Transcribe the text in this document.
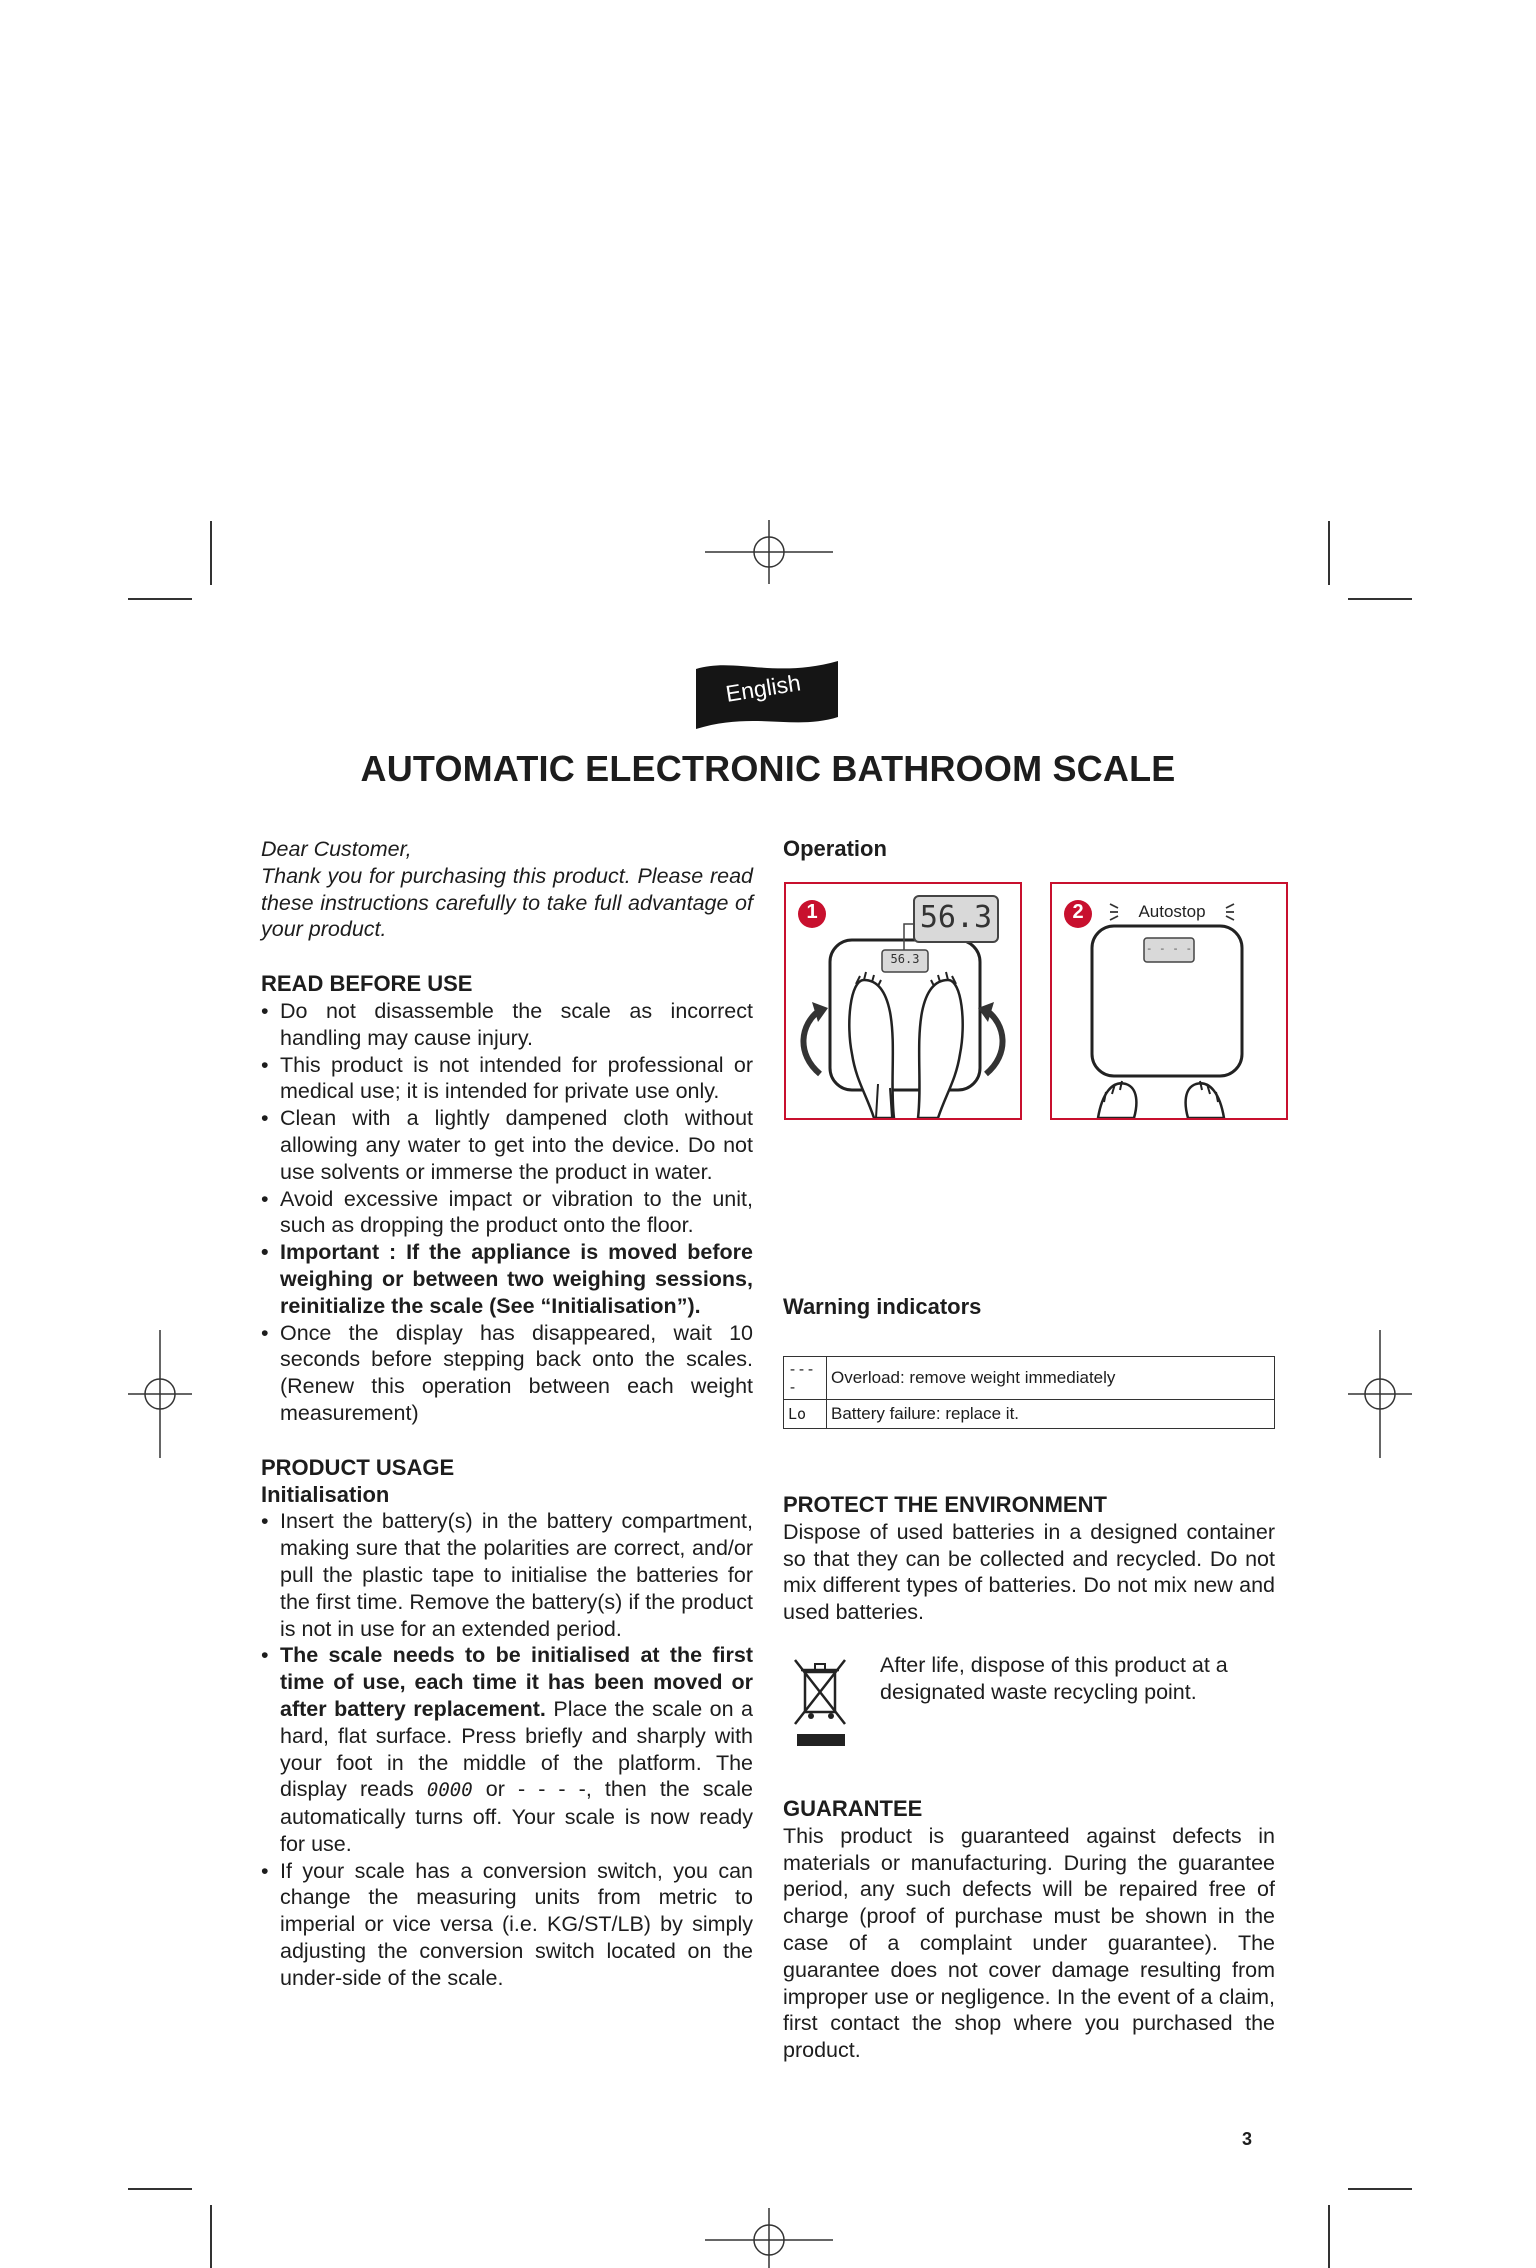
English
AUTOMATIC ELECTRONIC BATHROOM SCALE

Dear Customer,

Thank you for purchasing this product. Please read these instructions carefully to take full advantage of your product.

READ BEFORE USE
• Do not disassemble the scale as incorrect handling may cause injury.
• This product is not intended for professional or medical use; it is intended for private use only.
• Clean with a lightly dampened cloth without allowing any water to get into the device. Do not use solvents or immerse the product in water.
• Avoid excessive impact or vibration to the unit, such as dropping the product onto the floor.
• Important : If the appliance is moved before weighing or between two weighing sessions, reinitialize the scale (See “Initialisation”).
• Once the display has disappeared, wait 10 seconds before stepping back onto the scales. (Renew this operation between each weight measurement)
PRODUCT USAGE
Initialisation
• Insert the battery(s) in the battery compartment, making sure that the polarities are correct, and/or pull the plastic tape to initialise the batteries for the first time. Remove the battery(s) if the product is not in use for an extended period.
• The scale needs to be initialised at the first time of use, each time it has been moved or after battery replacement. Place the scale on a hard, flat surface. Press briefly and sharply with your foot in the middle of the platform. The display reads 0000 or - - - -, then the scale automatically turns off. Your scale is now ready for use.
• If your scale has a conversion switch, you can change the measuring units from metric to imperial or vice versa (i.e. KG/ST/LB) by simply adjusting the conversion switch located on the under-side of the scale.
Operation
1	56.3
56.3
2	Autostop
- - - -
Warning indicators
----	Overload: remove weight immediately
Lo	Battery failure: replace it.
PROTECT THE ENVIRONMENT

Dispose of used batteries in a designed container so that they can be collected and recycled. Do not mix different types of batteries. Do not mix new and used batteries.

After life, dispose of this product at a designated waste recycling point.

GUARANTEE

This product is guaranteed against defects in materials or manufacturing. During the guarantee period, any such defects will be repaired free of charge (proof of purchase must be shown in the case of a complaint under guarantee). The guarantee does not cover damage resulting from improper use or negligence. In the event of a claim, first contact the shop where you purchased the product.

3
